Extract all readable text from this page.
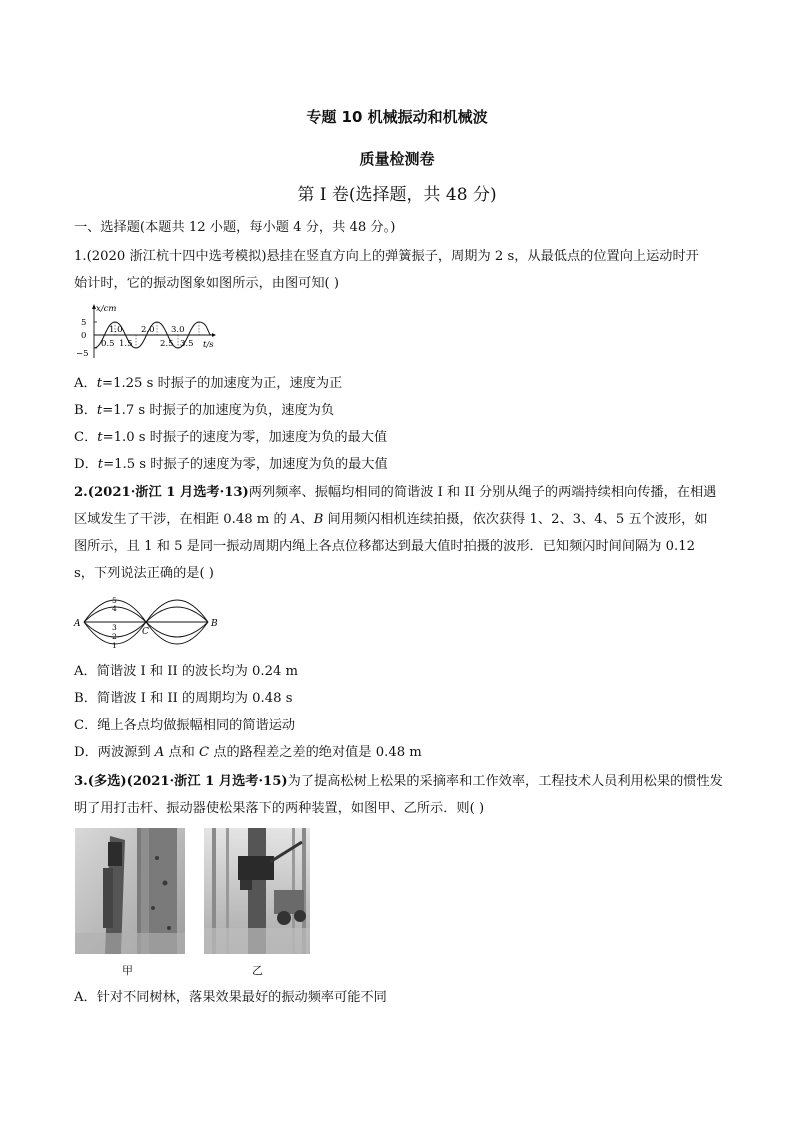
专题 10 机械振动和机械波
质量检测卷
第 I 卷(选择题，共 48 分)
一、选择题(本题共 12 小题，每小题 4 分，共 48 分。)
1.(2020 浙江杭十四中选考模拟)悬挂在竖直方向上的弹簧振子，周期为 2 s，从最低点的位置向上运动时开
始计时，它的振动图象如图所示，由图可知( )
x/cm
t/s
5
0
−5
1.0 2.0 3.0
0.5 1.5	2.5 3.5
A．t=1.25 s 时振子的加速度为正，速度为正
B．t=1.7 s 时振子的加速度为负，速度为负
C．t=1.0 s 时振子的速度为零，加速度为负的最大值
D．t=1.5 s 时振子的速度为零，加速度为负的最大值
2.(2021·浙江 1 月选考·13)两列频率、振幅均相同的简谐波 I 和 II 分别从绳子的两端持续相向传播，在相遇
区域发生了干涉，在相距 0.48 m 的 A、B 间用频闪相机连续拍摄，依次获得 1、2、3、4、5 五个波形，如
图所示，且 1 和 5 是同一振动周期内绳上各点位移都达到最大值时拍摄的波形．已知频闪时间间隔为 0.12
s，下列说法正确的是( )
A	B
C
5
4
3
2
1
A．简谐波 I 和 II 的波长均为 0.24 m
B．简谐波 I 和 II 的周期均为 0.48 s
C．绳上各点均做振幅相同的简谐运动
D．两波源到 A 点和 C 点的路程差之差的绝对值是 0.48 m
3.(多选)(2021·浙江 1 月选考·15)为了提高松树上松果的采摘率和工作效率，工程技术人员利用松果的惯性发
明了用打击杆、振动器使松果落下的两种装置，如图甲、乙所示．则( )
甲	乙
A．针对不同树林，落果效果最好的振动频率可能不同
